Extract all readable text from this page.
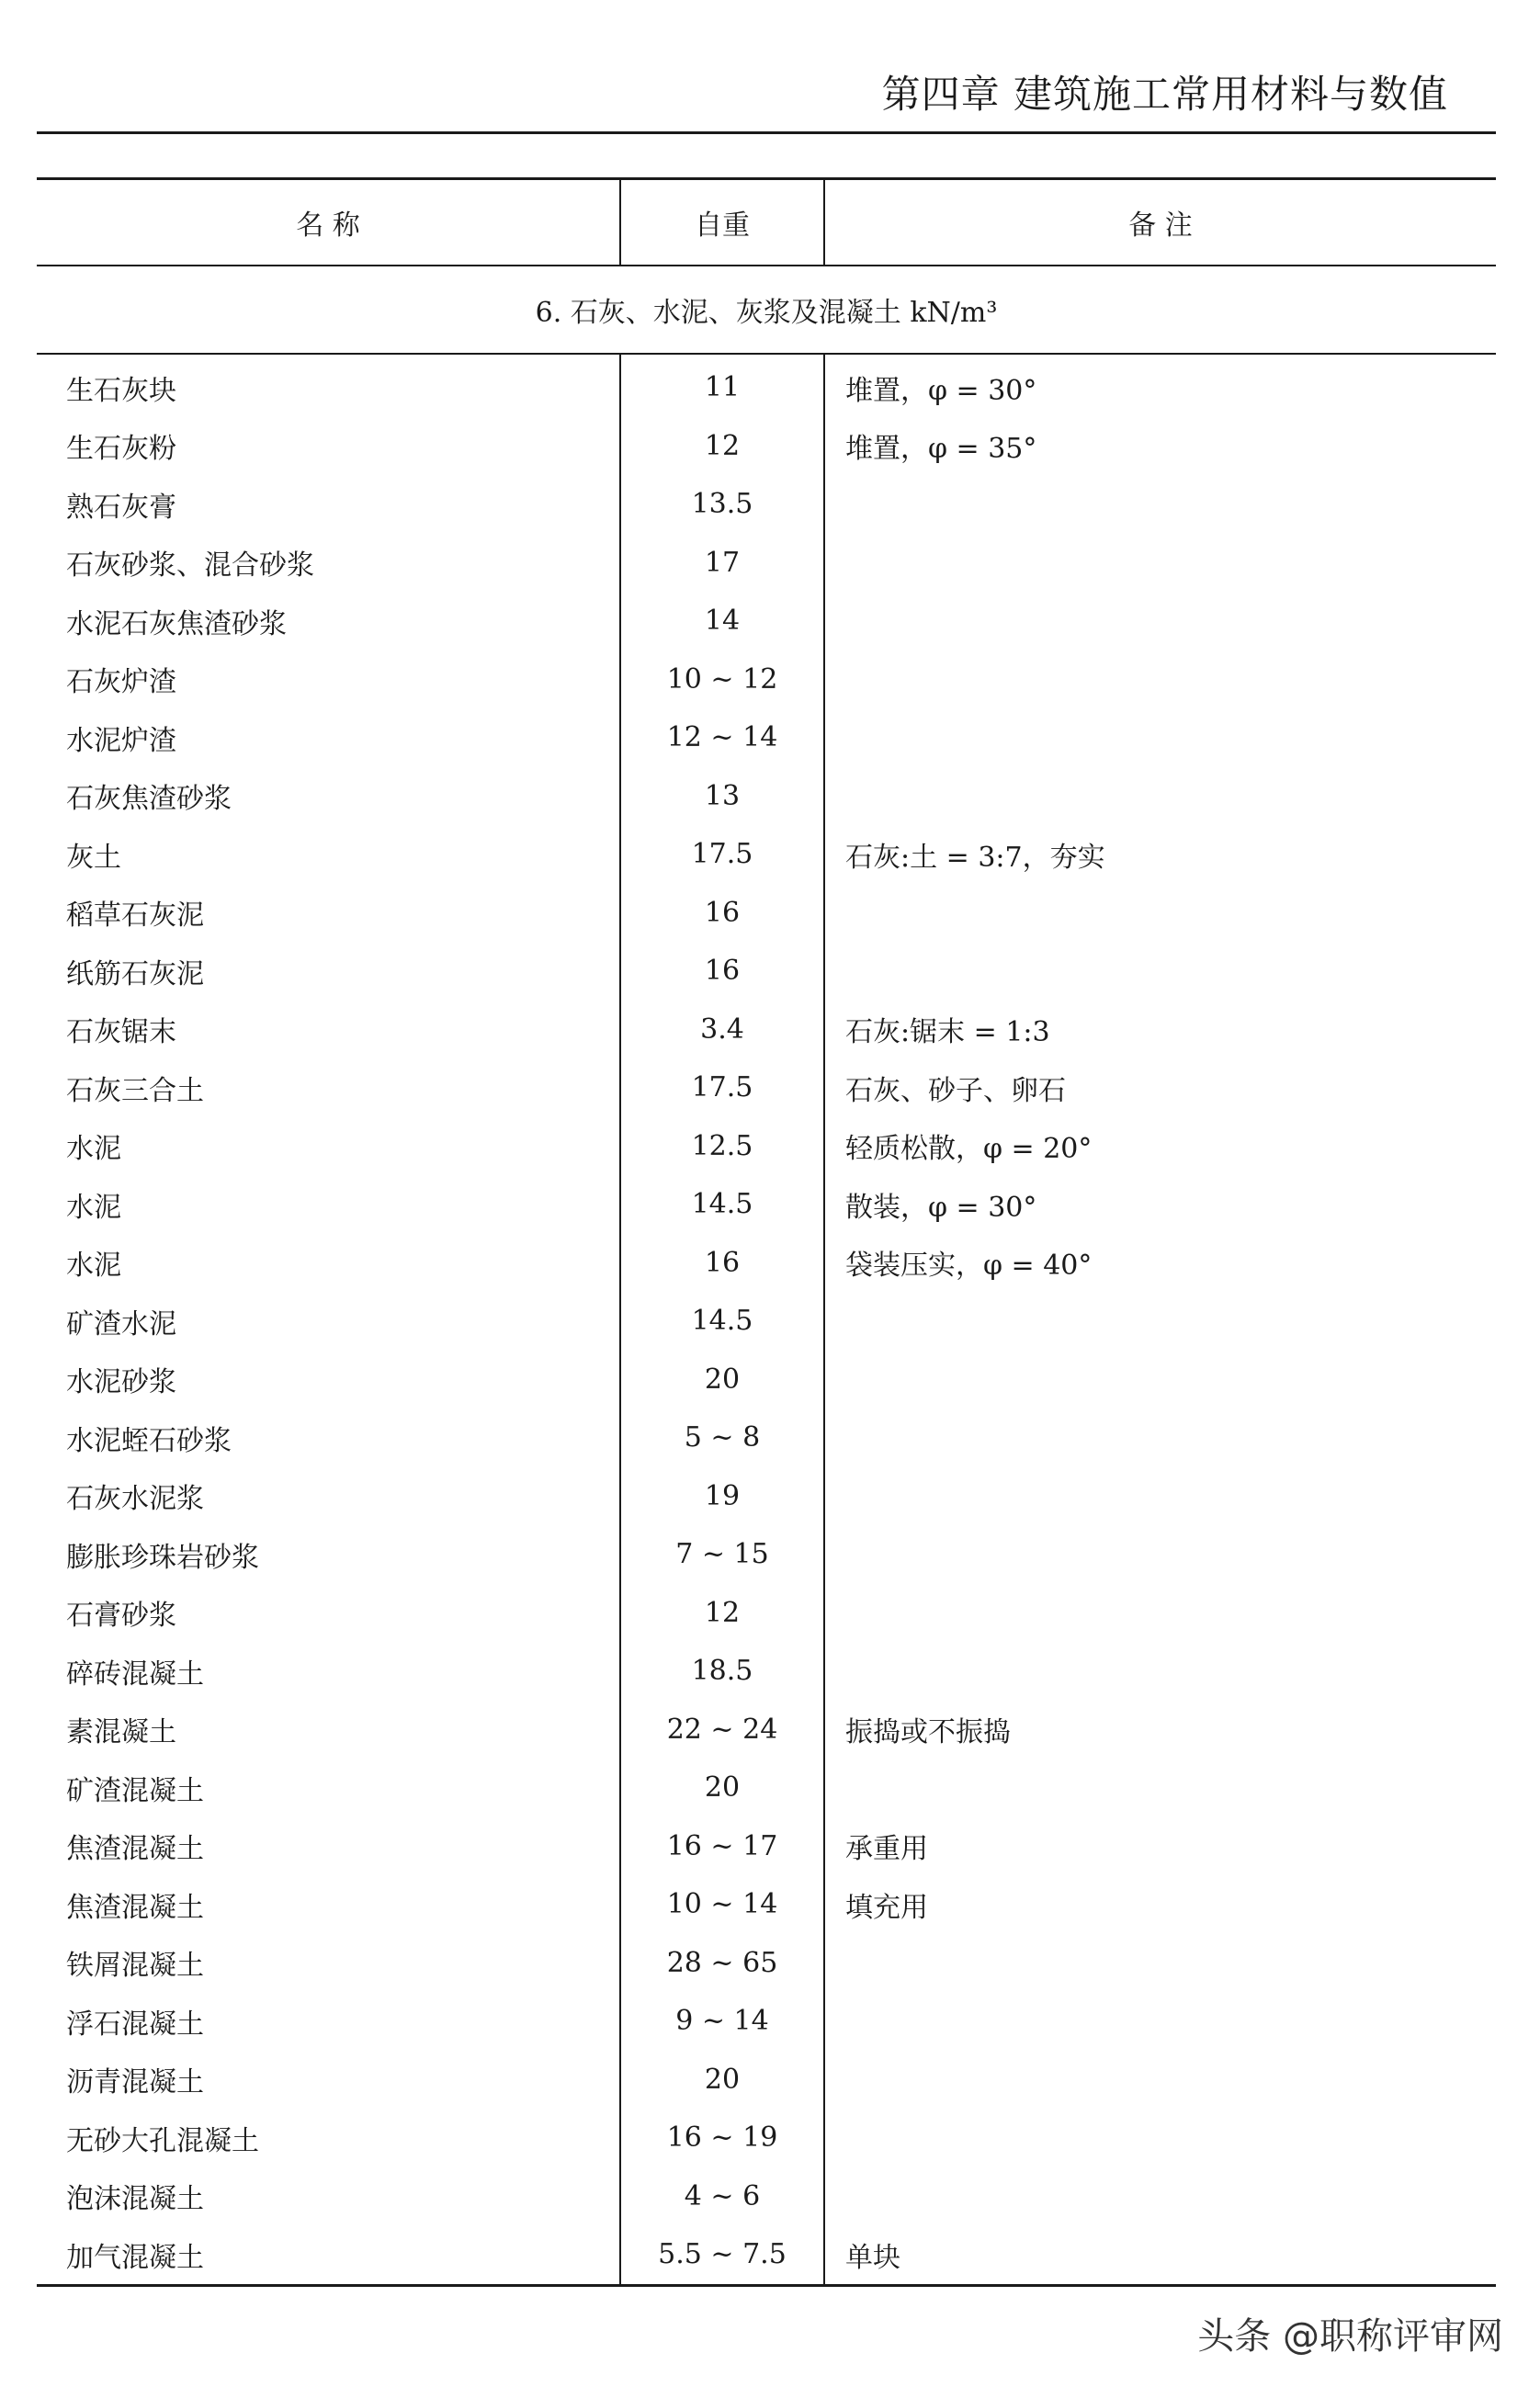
第四章 建筑施工常用材料与数值
名 称	自重	备 注
6. 石灰、水泥、灰浆及混凝土 kN/m³		
生石灰块	11	堆置，φ = 30°
生石灰粉	12	堆置，φ = 35°
熟石灰膏	13.5	
石灰砂浆、混合砂浆	17	
水泥石灰焦渣砂浆	14	
石灰炉渣	10 ~ 12	
水泥炉渣	12 ~ 14	
石灰焦渣砂浆	13	
灰土	17.5	石灰:土 = 3:7，夯实
稻草石灰泥	16	
纸筋石灰泥	16	
石灰锯末	3.4	石灰:锯末 = 1:3
石灰三合土	17.5	石灰、砂子、卵石
水泥	12.5	轻质松散，φ = 20°
水泥	14.5	散装，φ = 30°
水泥	16	袋装压实，φ = 40°
矿渣水泥	14.5	
水泥砂浆	20	
水泥蛭石砂浆	5 ~ 8	
石灰水泥浆	19	
膨胀珍珠岩砂浆	7 ~ 15	
石膏砂浆	12	
碎砖混凝土	18.5	
素混凝土	22 ~ 24	振捣或不振捣
矿渣混凝土	20	
焦渣混凝土	16 ~ 17	承重用
焦渣混凝土	10 ~ 14	填充用
铁屑混凝土	28 ~ 65	
浮石混凝土	9 ~ 14	
沥青混凝土	20	
无砂大孔混凝土	16 ~ 19	
泡沫混凝土	4 ~ 6	
加气混凝土	5.5 ~ 7.5	单块
头条 @职称评审网
